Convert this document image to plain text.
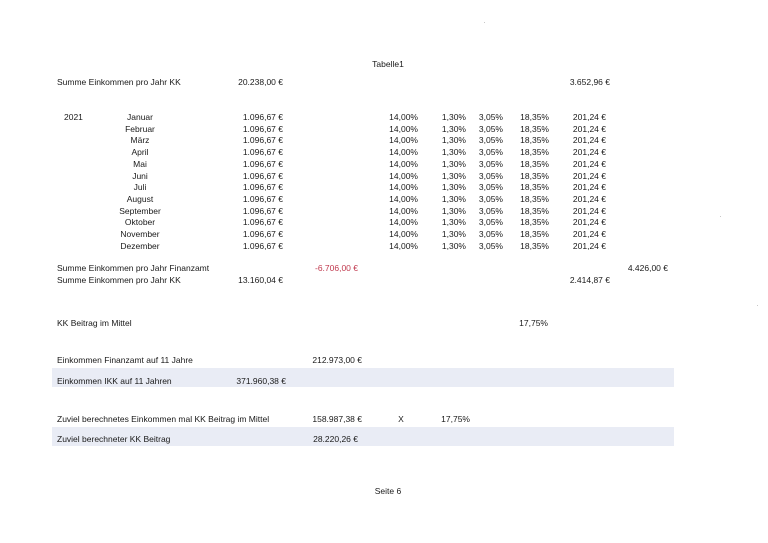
Tabelle1
Summe Einkommen pro Jahr KK	20.238,00 €	3.652,96 €
2021	Januar	1.096,67 €	14,00%	1,30%	3,05%	18,35%	201,24 €
Februar	1.096,67 €	14,00%	1,30%	3,05%	18,35%	201,24 €
März	1.096,67 €	14,00%	1,30%	3,05%	18,35%	201,24 €
April	1.096,67 €	14,00%	1,30%	3,05%	18,35%	201,24 €
Mai	1.096,67 €	14,00%	1,30%	3,05%	18,35%	201,24 €
Juni	1.096,67 €	14,00%	1,30%	3,05%	18,35%	201,24 €
Juli	1.096,67 €	14,00%	1,30%	3,05%	18,35%	201,24 €
August	1.096,67 €	14,00%	1,30%	3,05%	18,35%	201,24 €
September	1.096,67 €	14,00%	1,30%	3,05%	18,35%	201,24 €
Oktober	1.096,67 €	14,00%	1,30%	3,05%	18,35%	201,24 €
November	1.096,67 €	14,00%	1,30%	3,05%	18,35%	201,24 €
Dezember	1.096,67 €	14,00%	1,30%	3,05%	18,35%	201,24 €
Summe Einkommen pro Jahr Finanzamt	-6.706,00 €	4.426,00 €
Summe Einkommen pro Jahr KK	13.160,04 €	2.414,87 €
KK Beitrag im Mittel	17,75%
Einkommen Finanzamt auf 11 Jahre	212.973,00 €
Einkommen IKK auf 11 Jahren	371.960,38 €
Zuviel berechnetes Einkommen mal KK Beitrag im Mittel	158.987,38 €	X	17,75%
Zuviel berechneter KK Beitrag	28.220,26 €
Seite 6
